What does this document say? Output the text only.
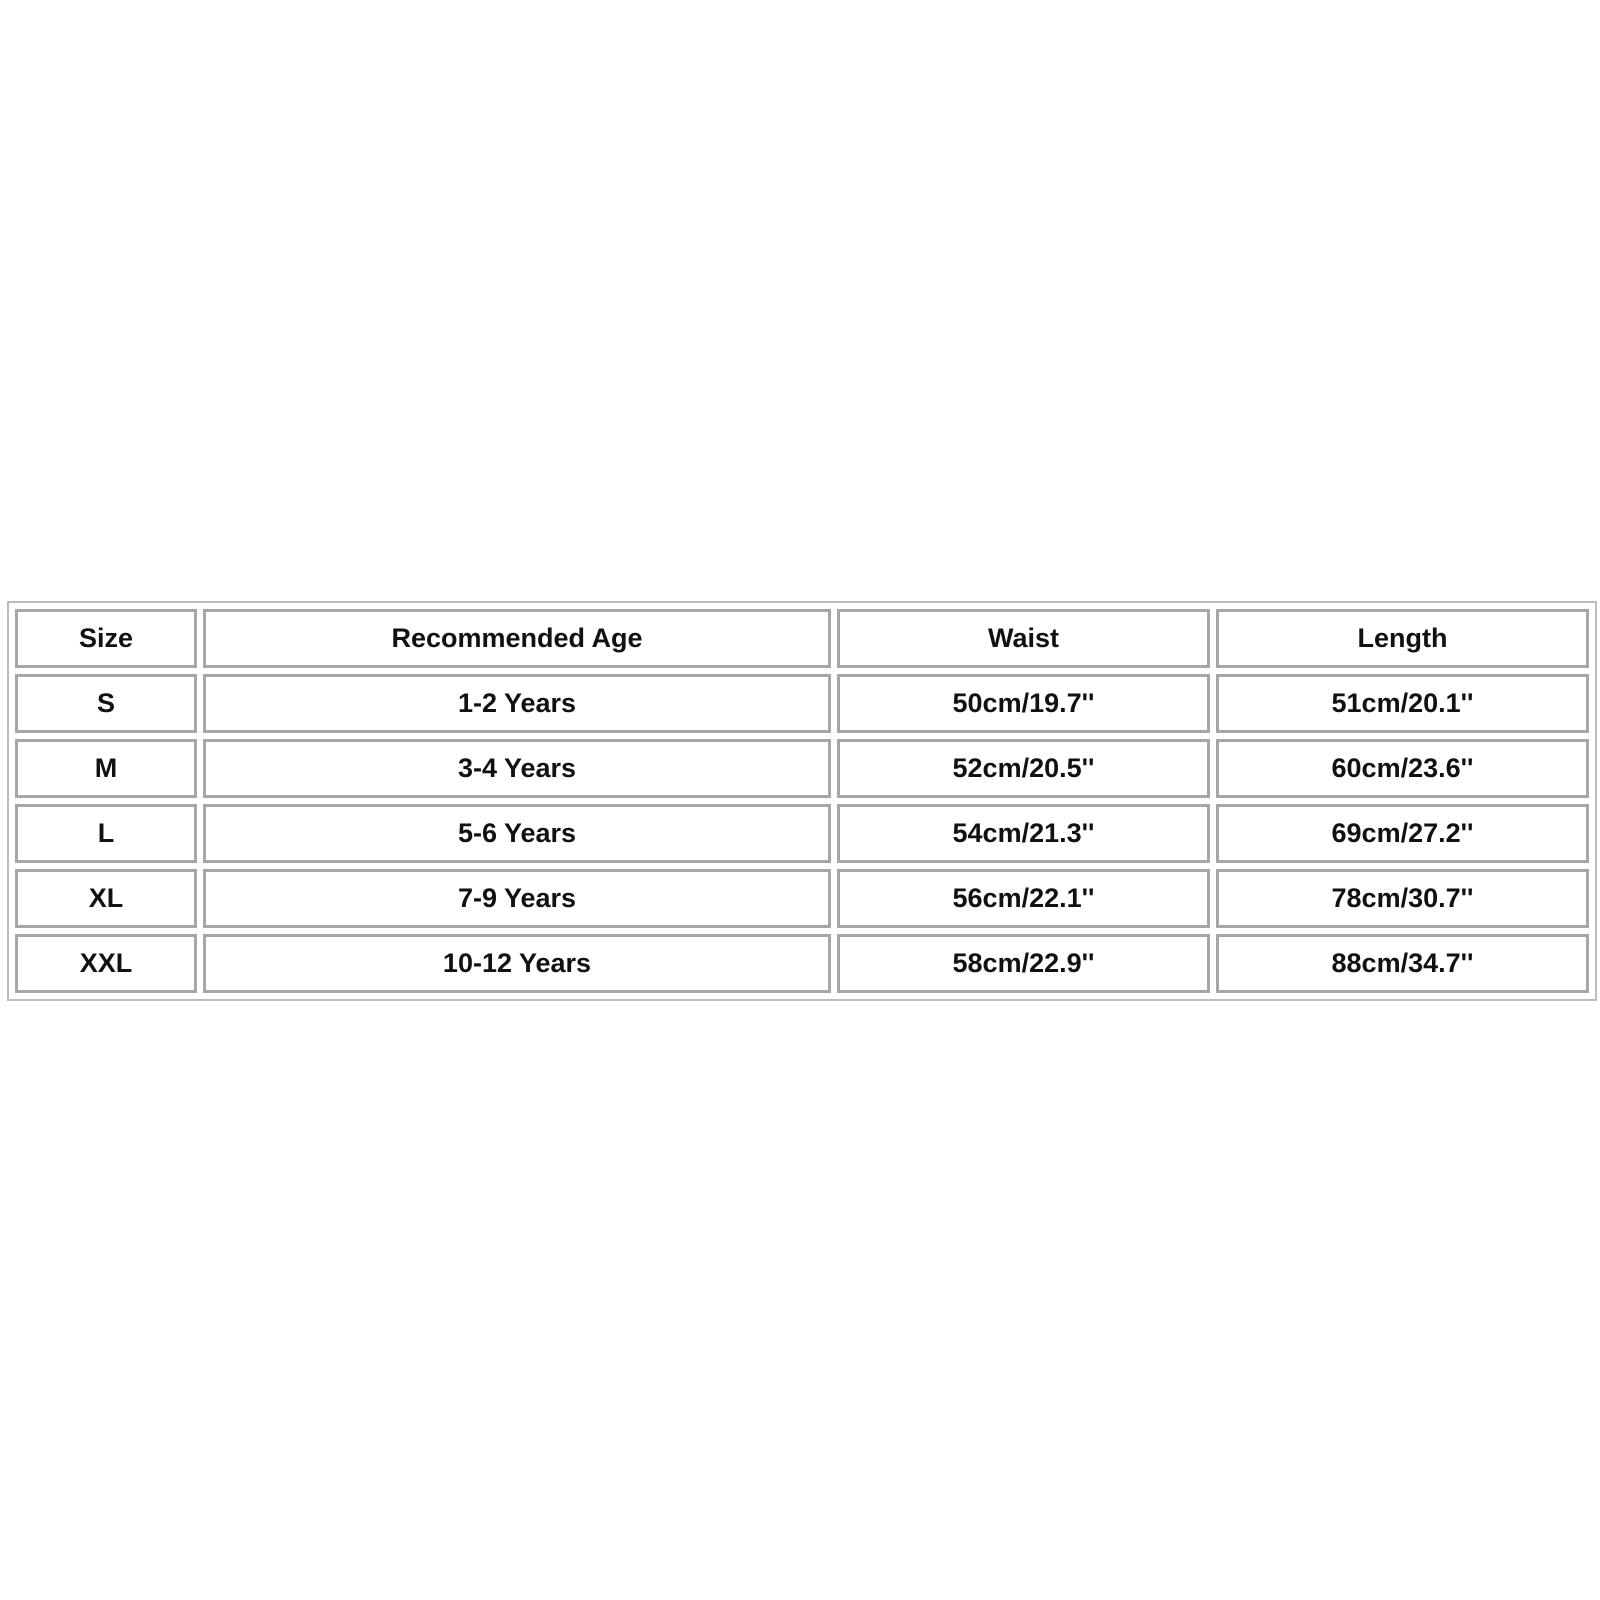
Size	Recommended Age	Waist	Length
S	1-2 Years	50cm/19.7''	51cm/20.1''
M	3-4 Years	52cm/20.5''	60cm/23.6''
L	5-6 Years	54cm/21.3''	69cm/27.2''
XL	7-9 Years	56cm/22.1''	78cm/30.7''
XXL	10-12 Years	58cm/22.9''	88cm/34.7''
